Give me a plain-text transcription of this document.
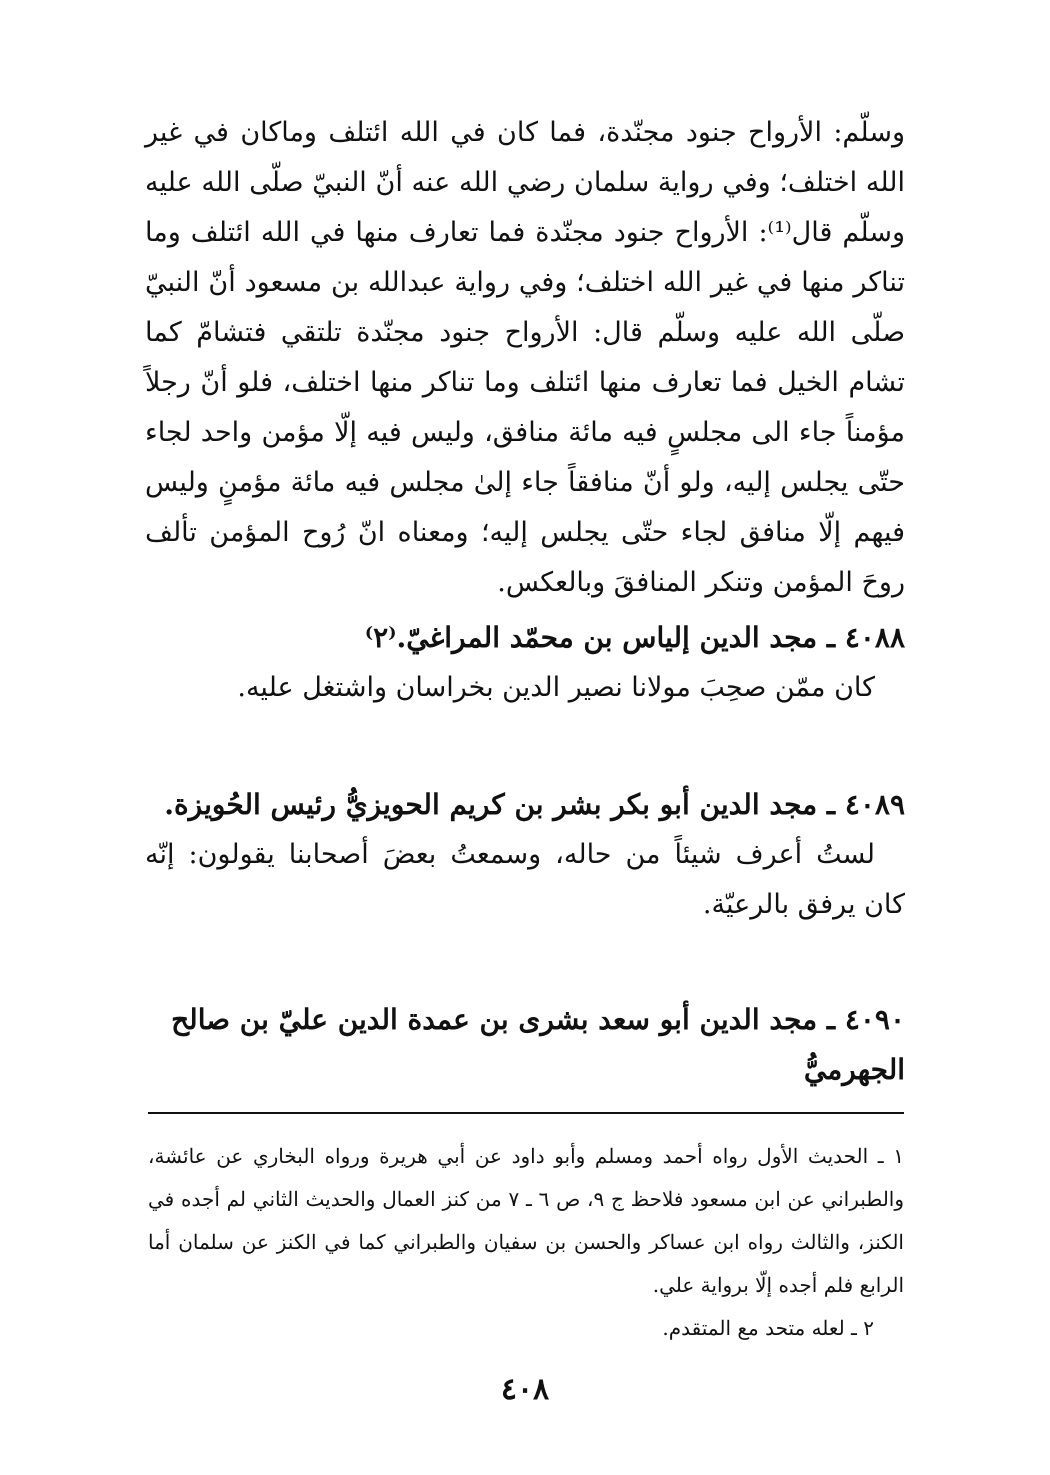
وسلّم: الأرواح جنود مجنّدة، فما كان في الله ائتلف وماكان في غير الله اختلف؛ وفي رواية سلمان رضي الله عنه أنّ النبيّ صلّى الله عليه وسلّم قال⁽¹⁾: الأرواح جنود مجنّدة فما تعارف منها في الله ائتلف وما تناكر منها في غير الله اختلف؛ وفي رواية عبدالله بن مسعود أنّ النبيّ صلّى الله عليه وسلّم قال: الأرواح جنود مجنّدة تلتقي فتشامّ كما تشام الخيل فما تعارف منها ائتلف وما تناكر منها اختلف، فلو أنّ رجلاً مؤمناً جاء الى مجلسٍ فيه مائة منافق، وليس فيه إلّا مؤمن واحد لجاء حتّى يجلس إليه، ولو أنّ منافقاً جاء إلىٰ مجلس فيه مائة مؤمنٍ وليس فيهم إلّا منافق لجاء حتّى يجلس إليه؛ ومعناه انّ رُوح المؤمن تألف روحَ المؤمن وتنكر المنافقَ وبالعكس.

٤٠٨٨ ـ مجد الدين إلياس بن محمّد المراغيّ.⁽٢⁾

كان ممّن صحِبَ مولانا نصير الدين بخراسان واشتغل عليه.

٤٠٨٩ ـ مجد الدين أبو بكر بشر بن كريم الحويزيُّ رئيس الحُويزة.

لستُ أعرف شيئاً من حاله، وسمعتُ بعضَ أصحابنا يقولون: إنّه كان يرفق بالرعيّة.

٤٠٩٠ ـ مجد الدين أبو سعد بشرى بن عمدة الدين عليّ بن صالح الجهرميُّ

١ ـ الحديث الأول رواه أحمد ومسلم وأبو داود عن أبي هريرة ورواه البخاري عن عائشة، والطبراني عن ابن مسعود فلاحظ ج ٩، ص ٦ ـ ٧ من كنز العمال والحديث الثاني لم أجده في الكنز، والثالث رواه ابن عساكر والحسن بن سفيان والطبراني كما في الكنز عن سلمان أما الرابع فلم أجده إلّا برواية علي.

٢ ـ لعله متحد مع المتقدم.

٤٠٨
